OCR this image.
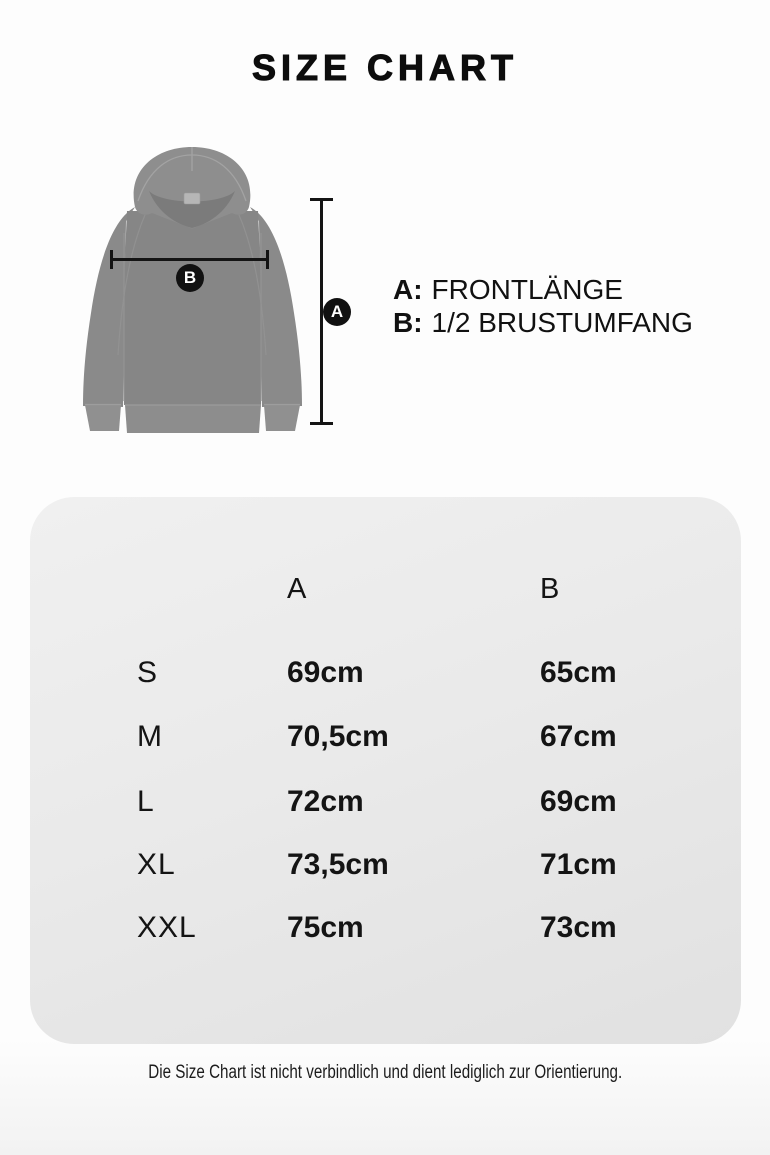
SIZE CHART
A
B	A: FRONTLÄNGE
B: 1/2 BRUSTUMFANG
A	B
S	69cm	65cm
M	70,5cm	67cm
L	72cm	69cm
XL	73,5cm	71cm
XXL	75cm	73cm
Die Size Chart ist nicht verbindlich und dient lediglich zur Orientierung.
